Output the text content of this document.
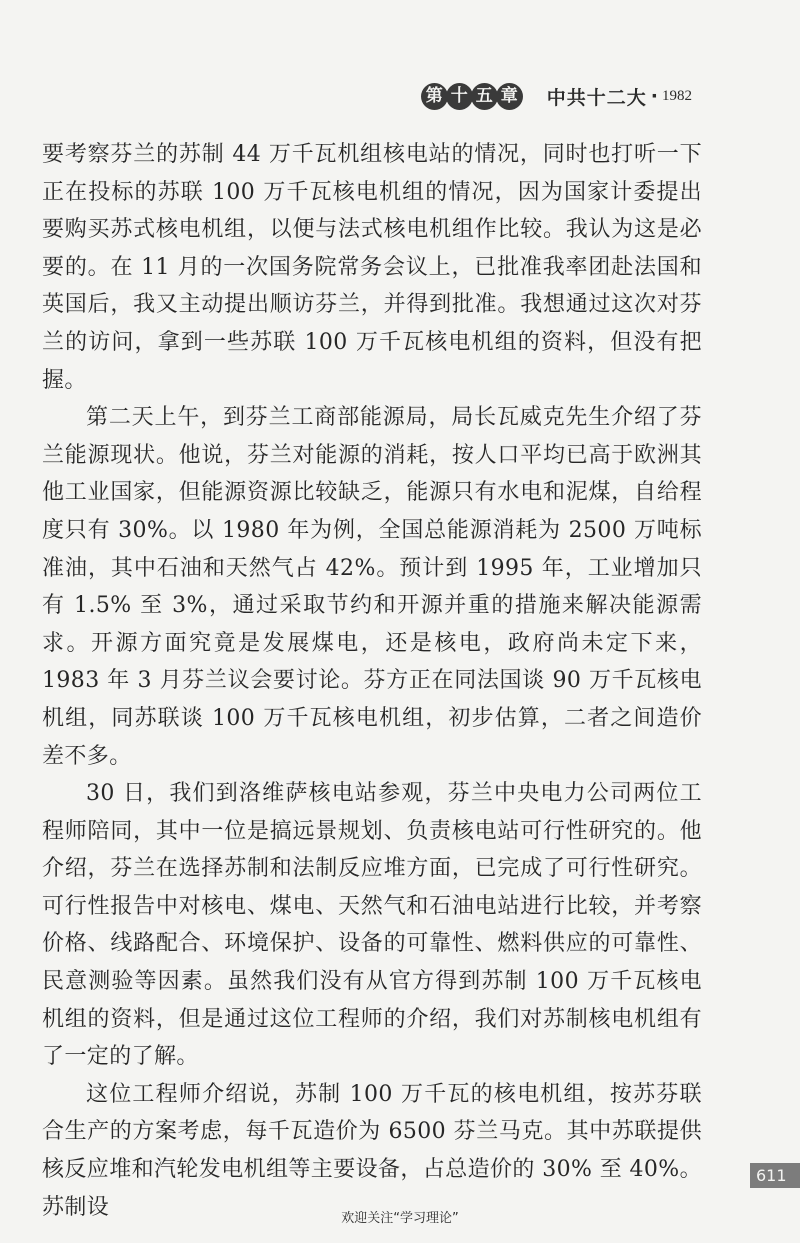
第 十 五 章 中共十二大 · 1982

要考察芬兰的苏制 44 万千瓦机组核电站的情况，同时也打听一下正在投标的苏联 100 万千瓦核电机组的情况，因为国家计委提出要购买苏式核电机组，以便与法式核电机组作比较。我认为这是必要的。在 11 月的一次国务院常务会议上，已批准我率团赴法国和英国后，我又主动提出顺访芬兰，并得到批准。我想通过这次对芬兰的访问，拿到一些苏联 100 万千瓦核电机组的资料，但没有把握。

第二天上午，到芬兰工商部能源局，局长瓦威克先生介绍了芬兰能源现状。他说，芬兰对能源的消耗，按人口平均已高于欧洲其他工业国家，但能源资源比较缺乏，能源只有水电和泥煤，自给程度只有 30%。以 1980 年为例，全国总能源消耗为 2500 万吨标准油，其中石油和天然气占 42%。预计到 1995 年，工业增加只有 1.5% 至 3%，通过采取节约和开源并重的措施来解决能源需求。开源方面究竟是发展煤电，还是核电，政府尚未定下来，1983 年 3 月芬兰议会要讨论。芬方正在同法国谈 90 万千瓦核电机组，同苏联谈 100 万千瓦核电机组，初步估算，二者之间造价差不多。

30 日，我们到洛维萨核电站参观，芬兰中央电力公司两位工程师陪同，其中一位是搞远景规划、负责核电站可行性研究的。他介绍，芬兰在选择苏制和法制反应堆方面，已完成了可行性研究。可行性报告中对核电、煤电、天然气和石油电站进行比较，并考察价格、线路配合、环境保护、设备的可靠性、燃料供应的可靠性、民意测验等因素。虽然我们没有从官方得到苏制 100 万千瓦核电机组的资料，但是通过这位工程师的介绍，我们对苏制核电机组有了一定的了解。

这位工程师介绍说，苏制 100 万千瓦的核电机组，按苏芬联合生产的方案考虑，每千瓦造价为 6500 芬兰马克。其中苏联提供核反应堆和汽轮发电机组等主要设备，占总造价的 30% 至 40%。苏制设

611
欢迎关注“学习理论”
